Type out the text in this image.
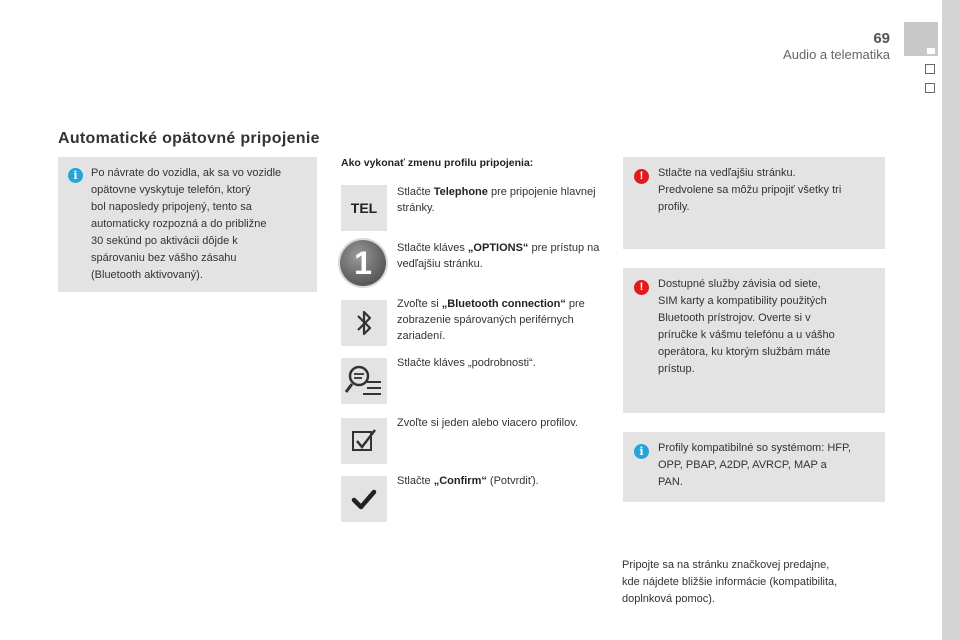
69
Audio a telematika
Automatické opätovné pripojenie
i	Po návrate do vozidla, ak sa vo vozidle
opätovne vyskytuje telefón, ktorý
bol naposledy pripojený, tento sa
automaticky rozpozná a do približne
30 sekúnd po aktivácii dôjde k
spárovaniu bez vášho zásahu
(Bluetooth aktivovaný).
Ako vykonať zmenu profilu pripojenia:
TEL
1
Stlačte Telephone pre pripojenie hlavnej stránky.
Stlačte kláves „OPTIONS“ pre prístup na vedľajšiu stránku.
Zvoľte si „Bluetooth connection“ pre zobrazenie spárovaných periférnych zariadení.
Stlačte kláves „podrobnosti“.
Zvoľte si jeden alebo viacero profilov.
Stlačte „Confirm“ (Potvrdiť).
!	Stlačte na vedľajšiu stránku.
Predvolene sa môžu pripojiť všetky tri
profily.
!	Dostupné služby závisia od siete,
SIM karty a kompatibility použitých
Bluetooth prístrojov. Overte si v
príručke k vášmu telefónu a u vášho
operátora, ku ktorým službám máte
prístup.
i	Profily kompatibilné so systémom: HFP,
OPP, PBAP, A2DP, AVRCP, MAP a
PAN.
Pripojte sa na stránku značkovej predajne,
kde nájdete bližšie informácie (kompatibilita,
doplnková pomoc).
